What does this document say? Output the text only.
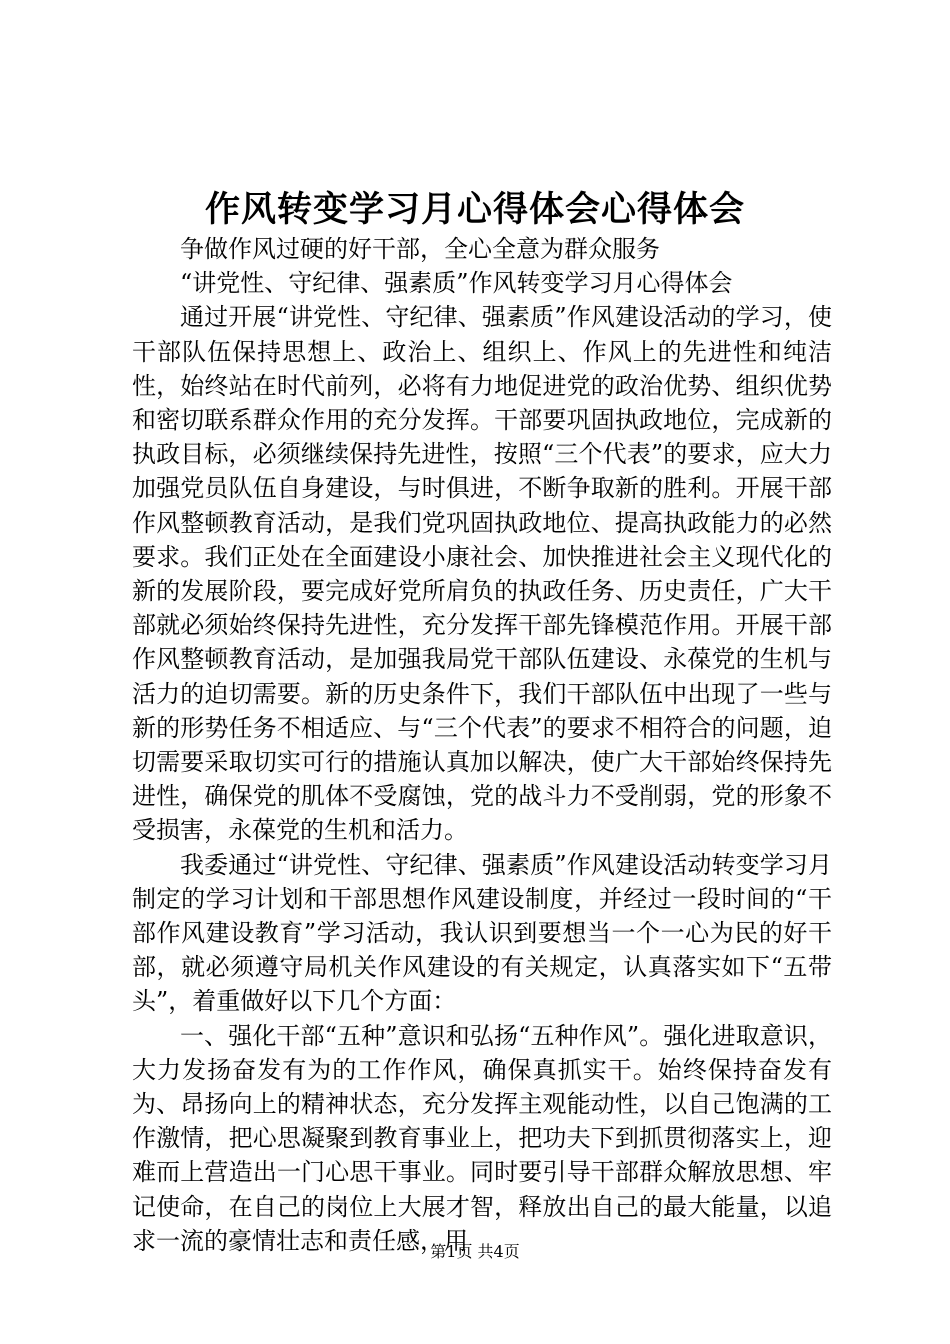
作风转变学习月心得体会心得体会

争做作风过硬的好干部，全心全意为群众服务

“讲党性、守纪律、强素质”作风转变学习月心得体会

通过开展“讲党性、守纪律、强素质”作风建设活动的学习，使干部队伍保持思想上、政治上、组织上、作风上的先进性和纯洁性，始终站在时代前列，必将有力地促进党的政治优势、组织优势和密切联系群众作用的充分发挥。干部要巩固执政地位，完成新的执政目标，必须继续保持先进性，按照“三个代表”的要求，应大力加强党员队伍自身建设，与时俱进，不断争取新的胜利。开展干部作风整顿教育活动，是我们党巩固执政地位、提高执政能力的必然要求。我们正处在全面建设小康社会、加快推进社会主义现代化的新的发展阶段，要完成好党所肩负的执政任务、历史责任，广大干部就必须始终保持先进性，充分发挥干部先锋模范作用。开展干部作风整顿教育活动，是加强我局党干部队伍建设、永葆党的生机与活力的迫切需要。新的历史条件下，我们干部队伍中出现了一些与新的形势任务不相适应、与“三个代表”的要求不相符合的问题，迫切需要采取切实可行的措施认真加以解决，使广大干部始终保持先进性，确保党的肌体不受腐蚀，党的战斗力不受削弱，党的形象不受损害，永葆党的生机和活力。

我委通过“讲党性、守纪律、强素质”作风建设活动转变学习月制定的学习计划和干部思想作风建设制度，并经过一段时间的“干部作风建设教育”学习活动，我认识到要想当一个一心为民的好干部，就必须遵守局机关作风建设的有关规定，认真落实如下“五带头”，着重做好以下几个方面：

一、强化干部“五种”意识和弘扬“五种作风”。强化进取意识，大力发扬奋发有为的工作作风，确保真抓实干。始终保持奋发有为、昂扬向上的精神状态，充分发挥主观能动性，以自己饱满的工作激情，把心思凝聚到教育事业上，把功夫下到抓贯彻落实上，迎难而上营造出一门心思干事业。同时要引导干部群众解放思想、牢记使命，在自己的岗位上大展才智，释放出自己的最大能量，以追求一流的豪情壮志和责任感，用

第1页 共4页
